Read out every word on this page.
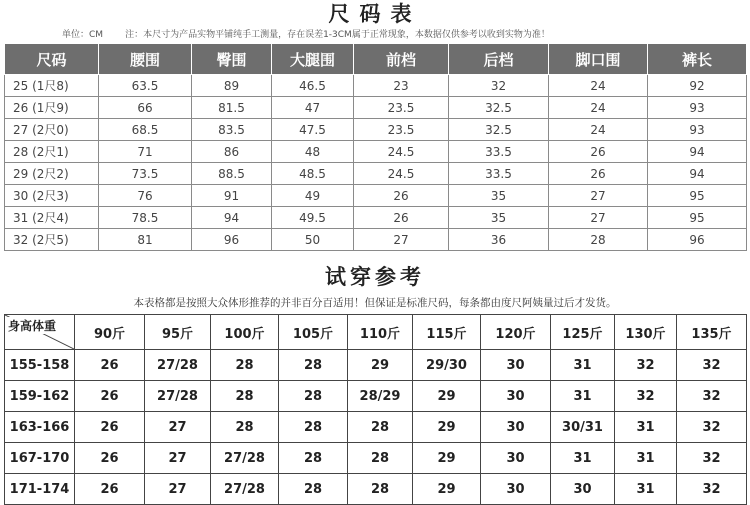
尺码表
单位：CM 注：本尺寸为产品实物平铺纯手工测量，存在误差1-3CM属于正常现象，本数据仅供参考以收到实物为准！
尺码	腰围	臀围	大腿围	前档	后档	脚口围	裤长
25 (1尺8)	63.5	89	46.5	23	32	24	92
26 (1尺9)	66	81.5	47	23.5	32.5	24	93
27 (2尺0)	68.5	83.5	47.5	23.5	32.5	24	93
28 (2尺1)	71	86	48	24.5	33.5	26	94
29 (2尺2)	73.5	88.5	48.5	24.5	33.5	26	94
30 (2尺3)	76	91	49	26	35	27	95
31 (2尺4)	78.5	94	49.5	26	35	27	95
32 (2尺5)	81	96	50	27	36	28	96
试穿参考
本表格都是按照大众体形推荐的并非百分百适用！但保证是标准尺码，每条都由度尺阿姨量过后才发货。
身高体重	90斤	95斤	100斤	105斤	110斤	115斤	120斤	125斤	130斤	135斤
155-158	26	27/28	28	28	29	29/30	30	31	32	32
159-162	26	27/28	28	28	28/29	29	30	31	32	32
163-166	26	27	28	28	28	29	30	30/31	31	32
167-170	26	27	27/28	28	28	29	30	31	31	32
171-174	26	27	27/28	28	28	29	30	30	31	32
